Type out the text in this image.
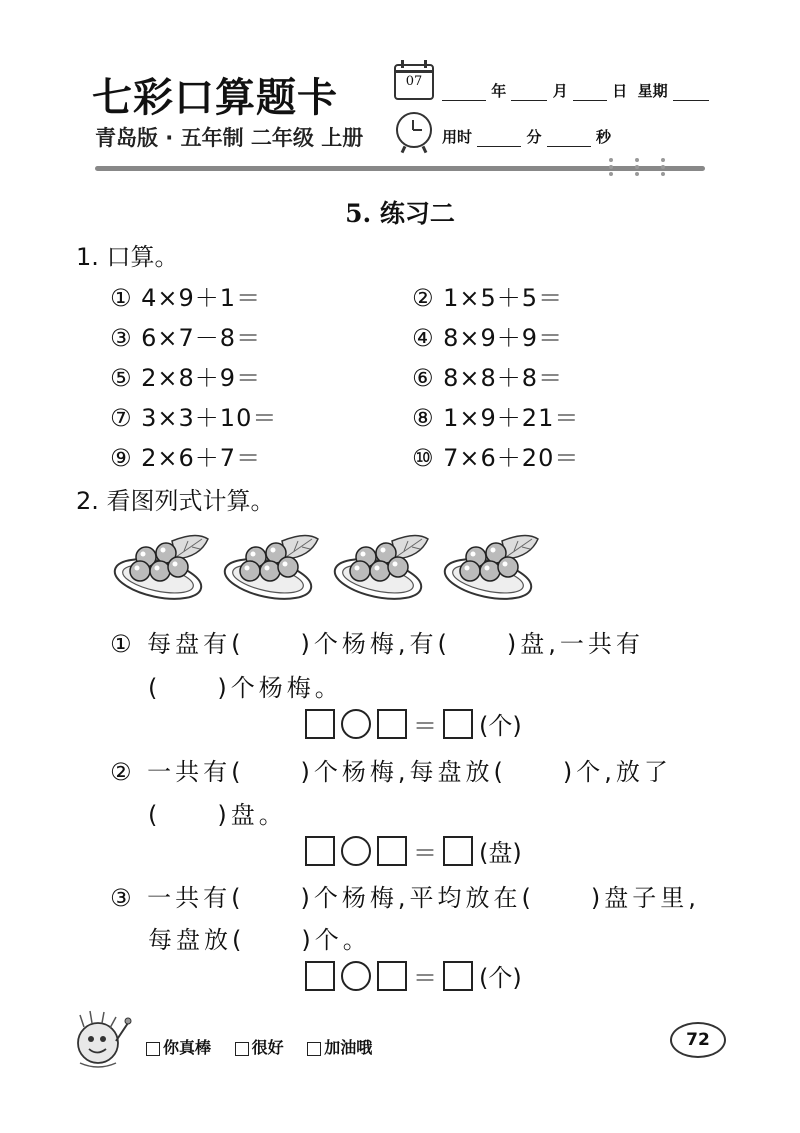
七彩口算题卡
青岛版 · 五年制 二年级 上册
07
年	月	日 星期
用时	分	秒
5. 练习二
1. 口算。
① 4×9＋1＝	② 1×5＋5＝
③ 6×7－8＝	④ 8×9＋9＝
⑤ 2×8＋9＝	⑥ 8×8＋8＝
⑦ 3×3＋10＝	⑧ 1×9＋21＝
⑨ 2×6＋7＝	⑩ 7×6＋20＝
2. 看图列式计算。
① 每盘有(　　)个杨梅,有(　　)盘,一共有
(　　)个杨梅。
＝ (个)
② 一共有(　　)个杨梅,每盘放(　　)个,放了
(　　)盘。
＝ (盘)
③ 一共有(　　)个杨梅,平均放在(　　)盘子里,
每盘放(　　)个。
＝ (个)
你真棒	很好	加油哦	72
